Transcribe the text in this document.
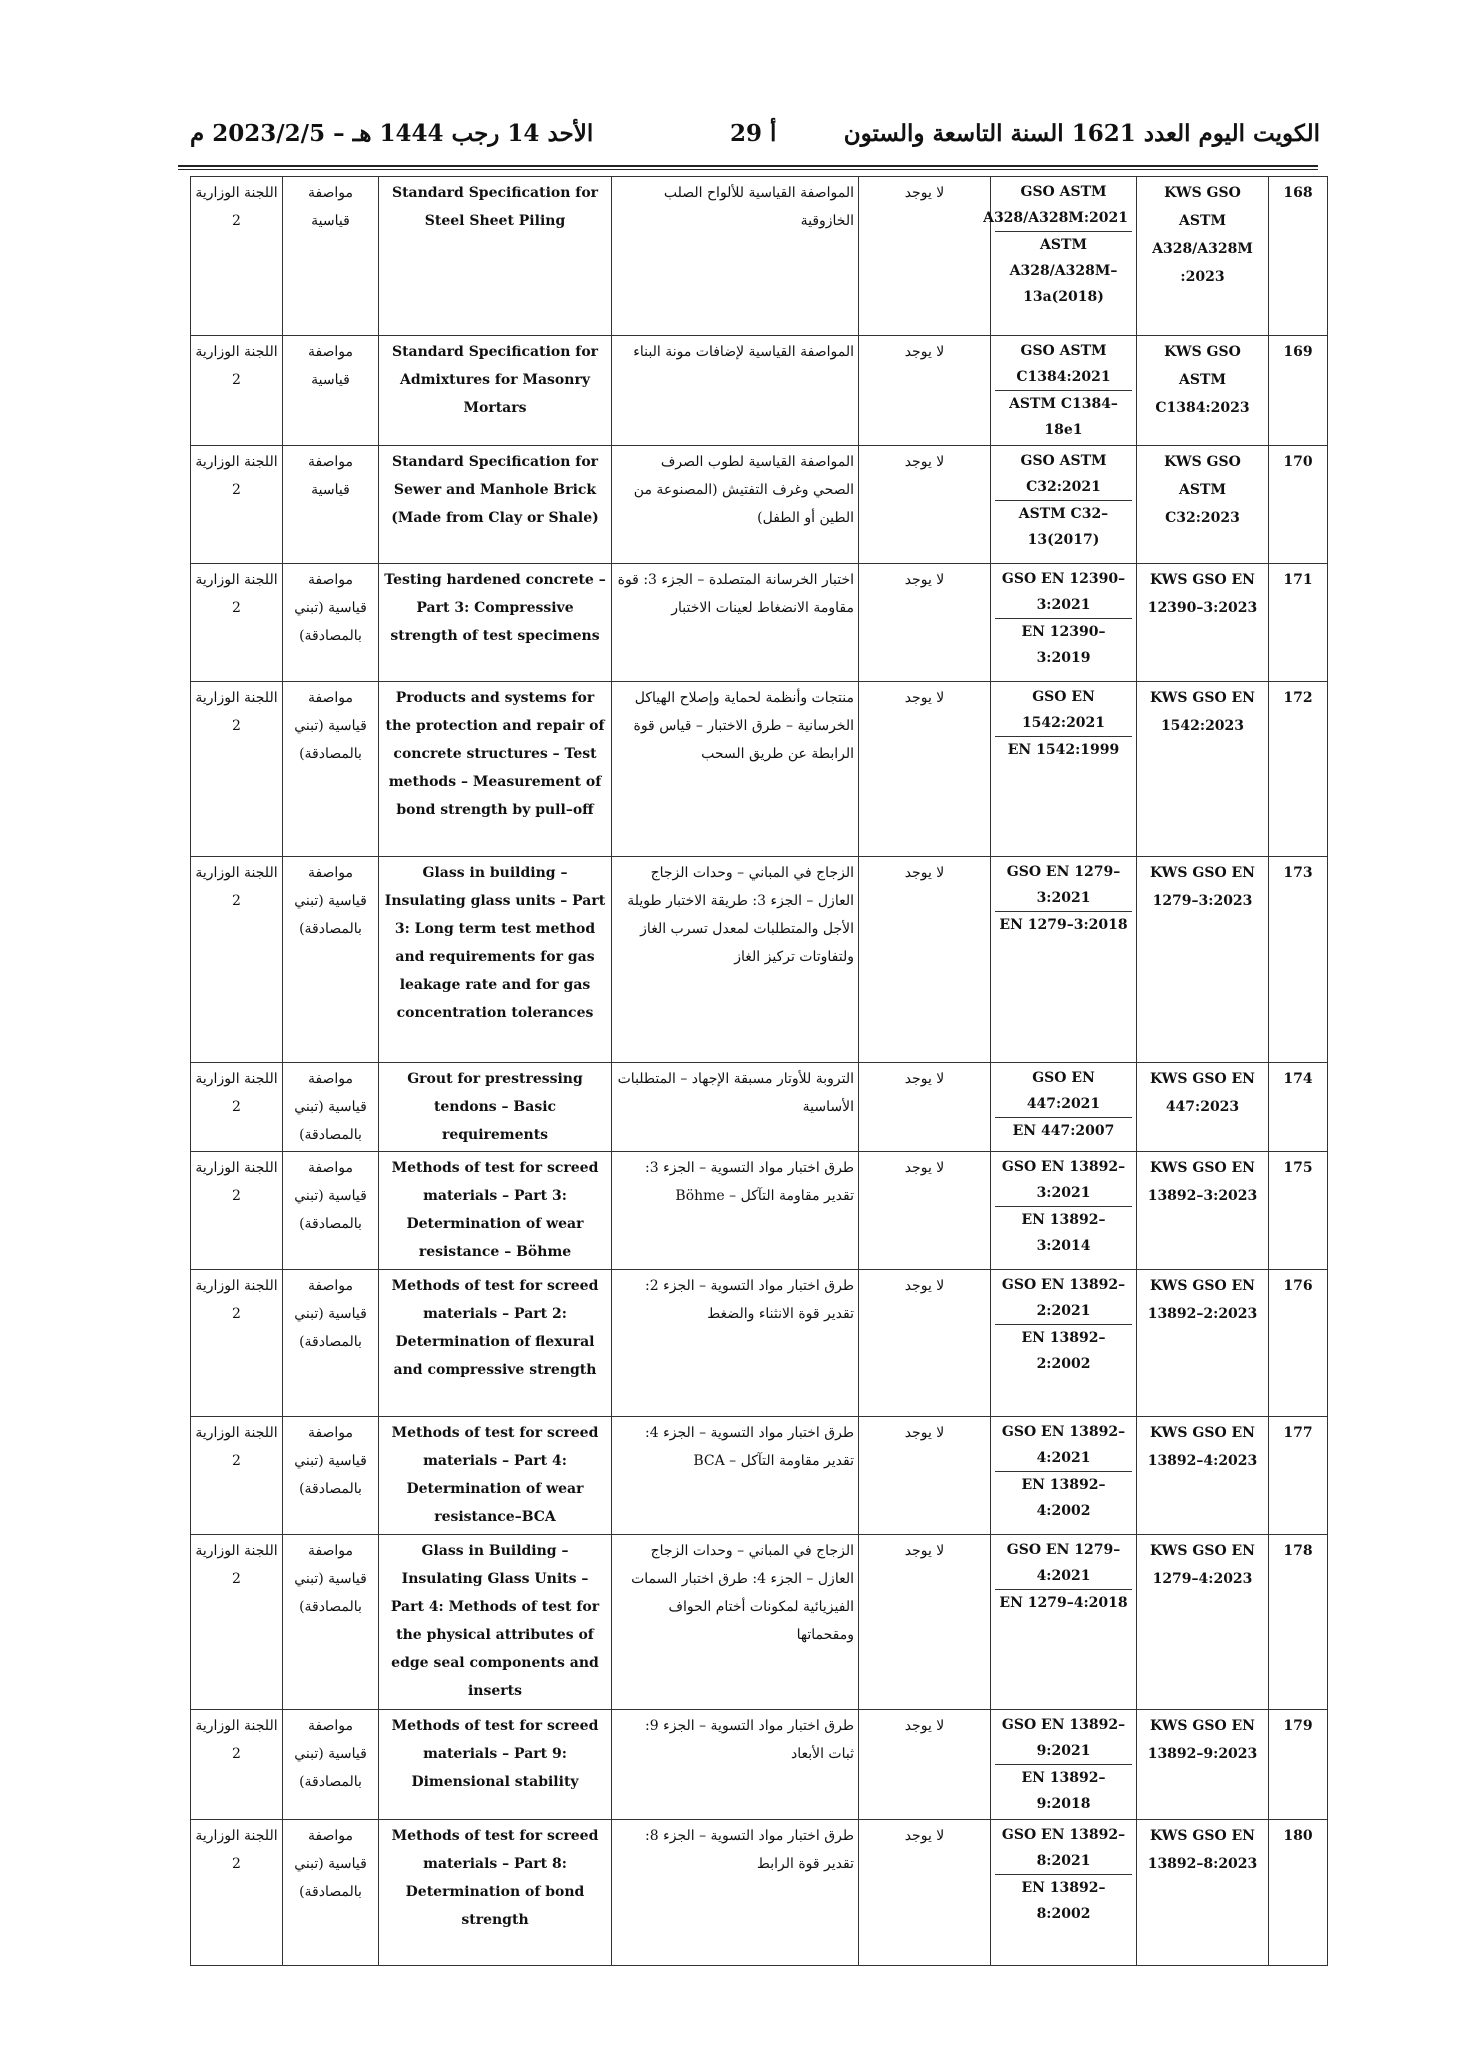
الكويت اليوم العدد 1621 السنة التاسعة والستون
أ 29
الأحد 14 رجب 1444 هـ – 2023/2/5 م
168	KWS GSO ASTM A328/A328M :2023	GSO ASTM A328/A328M:2021
ASTM A328/A328M–13a(2018)	لا يوجد	المواصفة القياسية للألواح الصلب الخازوقية	Standard Specification for Steel Sheet Piling	مواصفة قياسية	اللجنة الوزارية 2
169	KWS GSO ASTM C1384:2023	GSO ASTM C1384:2021
ASTM C1384–18e1	لا يوجد	المواصفة القياسية لإضافات مونة البناء	Standard Specification for Admixtures for Masonry Mortars	مواصفة قياسية	اللجنة الوزارية 2
170	KWS GSO ASTM C32:2023	GSO ASTM C32:2021
ASTM C32–13(2017)	لا يوجد	المواصفة القياسية لطوب الصرف الصحي وغرف التفتيش (المصنوعة من الطين أو الطفل)	Standard Specification for Sewer and Manhole Brick (Made from Clay or Shale)	مواصفة قياسية	اللجنة الوزارية 2
171	KWS GSO EN 12390–3:2023	GSO EN 12390–3:2021
EN 12390–3:2019	لا يوجد	اختبار الخرسانة المتصلدة – الجزء 3: قوة مقاومة الانضغاط لعينات الاختبار	Testing hardened concrete – Part 3: Compressive strength of test specimens	مواصفة قياسية (تبني بالمصادقة)	اللجنة الوزارية 2
172	KWS GSO EN 1542:2023	GSO EN 1542:2021
EN 1542:1999	لا يوجد	منتجات وأنظمة لحماية وإصلاح الهياكل الخرسانية – طرق الاختبار – قياس قوة الرابطة عن طريق السحب	Products and systems for the protection and repair of concrete structures – Test methods – Measurement of bond strength by pull–off	مواصفة قياسية (تبني بالمصادقة)	اللجنة الوزارية 2
173	KWS GSO EN 1279–3:2023	GSO EN 1279–3:2021
EN 1279–3:2018	لا يوجد	الزجاج في المباني – وحدات الزجاج العازل – الجزء 3: طريقة الاختبار طويلة الأجل والمتطلبات لمعدل تسرب الغاز ولتفاوتات تركيز الغاز	Glass in building – Insulating glass units – Part 3: Long term test method and requirements for gas leakage rate and for gas concentration tolerances	مواصفة قياسية (تبني بالمصادقة)	اللجنة الوزارية 2
174	KWS GSO EN 447:2023	GSO EN 447:2021
EN 447:2007	لا يوجد	التروبة للأوتار مسبقة الإجهاد – المتطلبات الأساسية	Grout for prestressing tendons – Basic requirements	مواصفة قياسية (تبني بالمصادقة)	اللجنة الوزارية 2
175	KWS GSO EN 13892–3:2023	GSO EN 13892–3:2021
EN 13892–3:2014	لا يوجد	طرق اختبار مواد التسوية – الجزء 3: تقدير مقاومة التآكل – Böhme	Methods of test for screed materials – Part 3: Determination of wear resistance – Böhme	مواصفة قياسية (تبني بالمصادقة)	اللجنة الوزارية 2
176	KWS GSO EN 13892–2:2023	GSO EN 13892–2:2021
EN 13892–2:2002	لا يوجد	طرق اختبار مواد التسوية – الجزء 2: تقدير قوة الانثناء والضغط	Methods of test for screed materials – Part 2: Determination of flexural and compressive strength	مواصفة قياسية (تبني بالمصادقة)	اللجنة الوزارية 2
177	KWS GSO EN 13892–4:2023	GSO EN 13892–4:2021
EN 13892–4:2002	لا يوجد	طرق اختبار مواد التسوية – الجزء 4: تقدير مقاومة التآكل – BCA	Methods of test for screed materials – Part 4: Determination of wear resistance–BCA	مواصفة قياسية (تبني بالمصادقة)	اللجنة الوزارية 2
178	KWS GSO EN 1279–4:2023	GSO EN 1279–4:2021
EN 1279–4:2018	لا يوجد	الزجاج في المباني – وحدات الزجاج العازل – الجزء 4: طرق اختبار السمات الفيزيائية لمكونات أختام الحواف ومقحماتها	Glass in Building – Insulating Glass Units – Part 4: Methods of test for the physical attributes of edge seal components and inserts	مواصفة قياسية (تبني بالمصادقة)	اللجنة الوزارية 2
179	KWS GSO EN 13892–9:2023	GSO EN 13892–9:2021
EN 13892–9:2018	لا يوجد	طرق اختبار مواد التسوية – الجزء 9: ثبات الأبعاد	Methods of test for screed materials – Part 9: Dimensional stability	مواصفة قياسية (تبني بالمصادقة)	اللجنة الوزارية 2
180	KWS GSO EN 13892–8:2023	GSO EN 13892–8:2021
EN 13892–8:2002	لا يوجد	طرق اختبار مواد التسوية – الجزء 8: تقدير قوة الرابط	Methods of test for screed materials – Part 8: Determination of bond strength	مواصفة قياسية (تبني بالمصادقة)	اللجنة الوزارية 2
